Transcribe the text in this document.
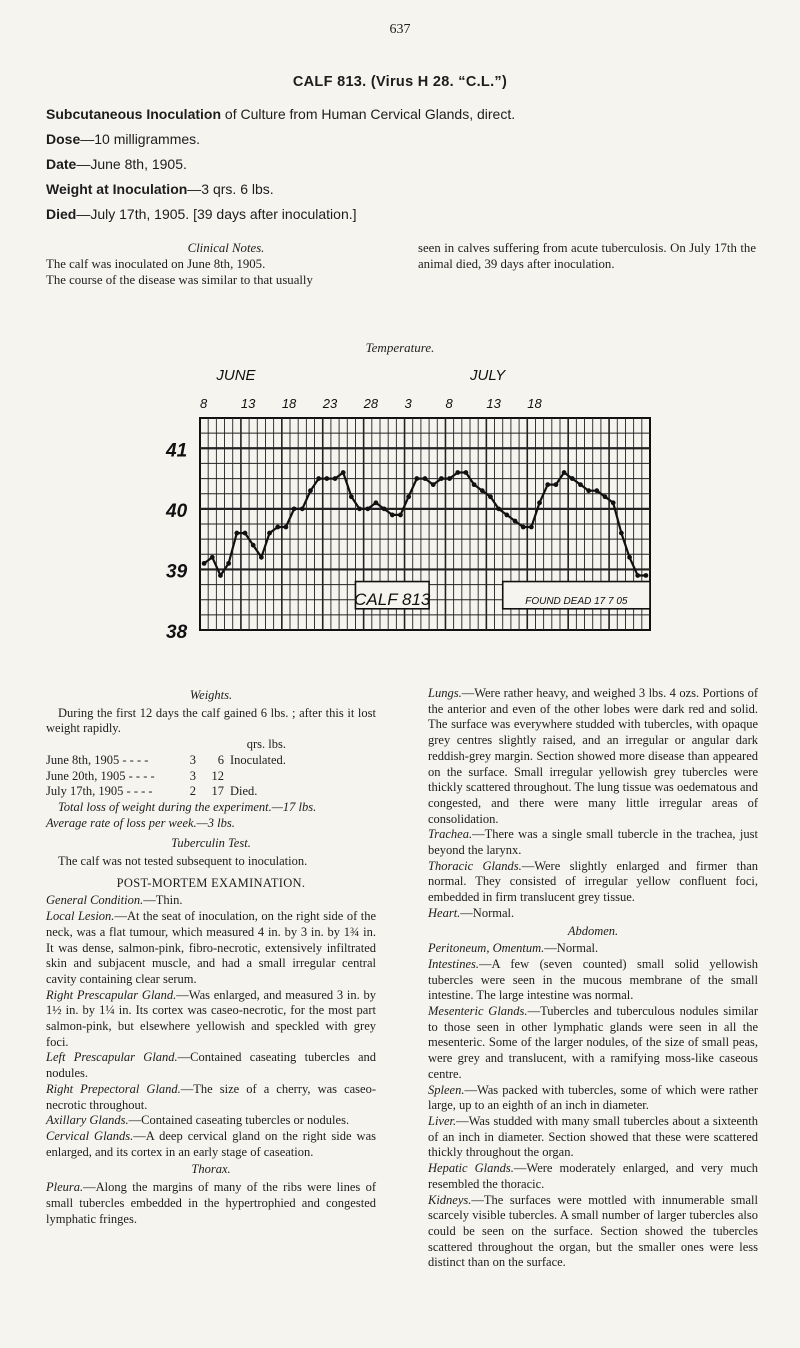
637
CALF 813. (Virus H 28. “C.L.”)
Subcutaneous Inoculation of Culture from Human Cervical Glands, direct.
Dose—10 milligrammes.
Date—June 8th, 1905.
Weight at Inoculation—3 qrs. 6 lbs.
Died—July 17th, 1905. [39 days after inoculation.]
Clinical Notes.
The calf was inoculated on June 8th, 1905.
The course of the disease was similar to that usually
seen in calves suffering from acute tuberculosis. On July 17th the animal died, 39 days after inoculation.
Temperature.
JUNE	JULY
8	13 18 23 28 3	8	13 18
41
40
39
38
CALF 813	FOUND DEAD 17 7 05

Weights.

During the first 12 days the calf gained 6 lbs. ; after this it lost weight rapidly.

qrs. lbs.

June 8th, 1905 - - - -	3	6 Inoculated.
June 20th, 1905 - - - -	3	12
July 17th, 1905 - - - -	2	17 Died.

Total loss of weight during the experiment.—17 lbs.

Average rate of loss per week.—3 lbs.

Tuberculin Test.

The calf was not tested subsequent to inoculation.

POST-MORTEM EXAMINATION.

General Condition.—Thin.

Local Lesion.—At the seat of inoculation, on the right side of the neck, was a flat tumour, which measured 4 in. by 3 in. by 1¾ in. It was dense, salmon-pink, fibro-necrotic, extensively infiltrated skin and subjacent muscle, and had a small irregular central cavity containing clear serum.

Right Prescapular Gland.—Was enlarged, and measured 3 in. by 1½ in. by 1¼ in. Its cortex was caseo-necrotic, for the most part salmon-pink, but elsewhere yellowish and speckled with grey foci.

Left Prescapular Gland.—Contained caseating tubercles and nodules.

Right Prepectoral Gland.—The size of a cherry, was caseo-necrotic throughout.

Axillary Glands.—Contained caseating tubercles or nodules.

Cervical Glands.—A deep cervical gland on the right side was enlarged, and its cortex in an early stage of caseation.

Thorax.

Pleura.—Along the margins of many of the ribs were lines of small tubercles embedded in the hypertrophied and congested lymphatic fringes.

Lungs.—Were rather heavy, and weighed 3 lbs. 4 ozs. Portions of the anterior and even of the other lobes were dark red and solid. The surface was everywhere studded with tubercles, with opaque grey centres slightly raised, and an irregular or angular dark reddish-grey margin. Section showed more disease than appeared on the surface. Small irregular yellowish grey tubercles were thickly scattered throughout. The lung tissue was oedematous and congested, and there were many little irregular areas of consolidation.

Trachea.—There was a single small tubercle in the trachea, just beyond the larynx.

Thoracic Glands.—Were slightly enlarged and firmer than normal. They consisted of irregular yellow confluent foci, embedded in firm translucent grey tissue.

Heart.—Normal.

Abdomen.

Peritoneum, Omentum.—Normal.

Intestines.—A few (seven counted) small solid yellowish tubercles were seen in the mucous membrane of the small intestine. The large intestine was normal.

Mesenteric Glands.—Tubercles and tuberculous nodules similar to those seen in other lymphatic glands were seen in all the mesenteric. Some of the larger nodules, of the size of small peas, were grey and translucent, with a ramifying moss-like caseous centre.

Spleen.—Was packed with tubercles, some of which were rather large, up to an eighth of an inch in diameter.

Liver.—Was studded with many small tubercles about a sixteenth of an inch in diameter. Section showed that these were scattered thickly throughout the organ.

Hepatic Glands.—Were moderately enlarged, and very much resembled the thoracic.

Kidneys.—The surfaces were mottled with innumerable small scarcely visible tubercles. A small number of larger tubercles also could be seen on the surface. Section showed the tubercles scattered throughout the organ, but the smaller ones were less distinct than on the surface.
